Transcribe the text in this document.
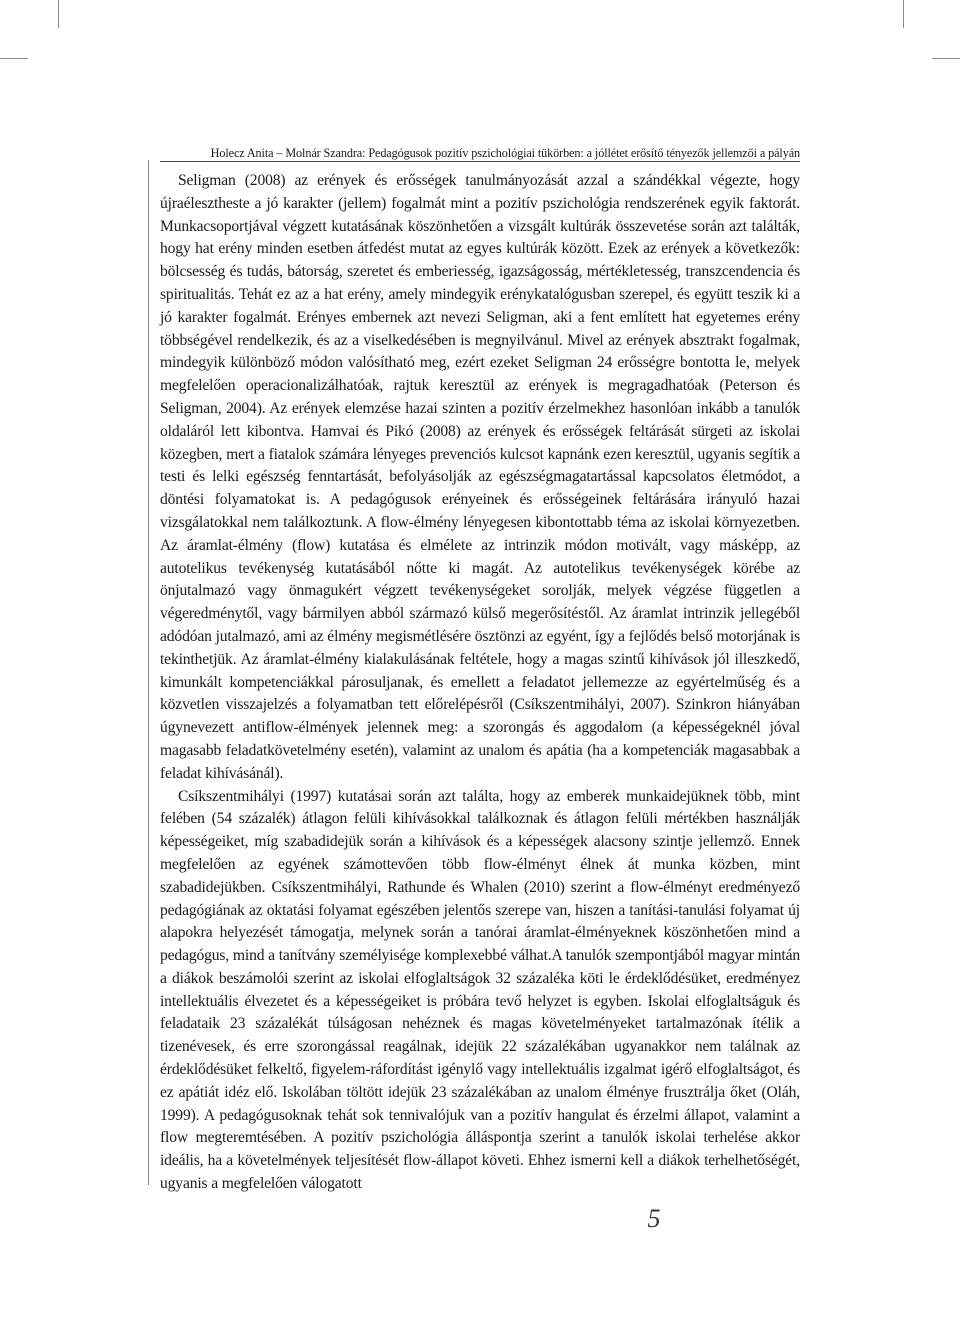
Holecz Anita – Molnár Szandra: Pedagógusok pozitív pszichológiai tükörben: a jóllétet erősítő tényezők jellemzői a pályán

Seligman (2008) az erények és erősségek tanulmányozását azzal a szándékkal végezte, hogy újraélesztheste a jó karakter (jellem) fogalmát mint a pozitív pszichológia rendszerének egyik faktorát. Munkacsoportjával végzett kutatásának köszönhetően a vizsgált kultúrák összevetése során azt találták, hogy hat erény minden esetben átfedést mutat az egyes kultúrák között. Ezek az erények a következők: bölcsesség és tudás, bátorság, szeretet és emberiesség, igazságosság, mértékletesség, transzcendencia és spiritualitás. Tehát ez az a hat erény, amely mindegyik erénykatalógusban szerepel, és együtt teszik ki a jó karakter fogalmát. Erényes embernek azt nevezi Seligman, aki a fent említett hat egyetemes erény többségével rendelkezik, és az a viselkedésében is megnyilvánul. Mivel az erények absztrakt fogalmak, mindegyik különböző módon valósítható meg, ezért ezeket Seligman 24 erősségre bontotta le, melyek megfelelően operacionalizálhatóak, rajtuk keresztül az erények is megragadhatóak (Peterson és Seligman, 2004). Az erények elemzése hazai szinten a pozitív érzelmekhez hasonlóan inkább a tanulók oldaláról lett kibontva. Hamvai és Pikó (2008) az erények és erősségek feltárását sürgeti az iskolai közegben, mert a fiatalok számára lényeges prevenciós kulcsot kapnánk ezen keresztül, ugyanis segítik a testi és lelki egészség fenntartását, befolyásolják az egészségmagatartással kapcsolatos életmódot, a döntési folyamatokat is. A pedagógusok erényeinek és erősségeinek feltárására irányuló hazai vizsgálatokkal nem találkoztunk. A flow-élmény lényegesen kibontottabb téma az iskolai környezetben. Az áramlat-élmény (flow) kutatása és elmélete az intrinzik módon motivált, vagy másképp, az autotelikus tevékenység kutatásából nőtte ki magát. Az autotelikus tevékenységek körébe az önjutalmazó vagy önmagukért végzett tevékenységeket sorolják, melyek végzése független a végeredménytől, vagy bármilyen abból származó külső megerősítéstől. Az áramlat intrinzik jellegéből adódóan jutalmazó, ami az élmény megismétlésére ösztönzi az egyént, így a fejlődés belső motorjának is tekinthetjük. Az áramlat-élmény kialakulásának feltétele, hogy a magas szintű kihívások jól illeszkedő, kimunkált kompetenciákkal párosuljanak, és emellett a feladatot jellemezze az egyértelműség és a közvetlen visszajelzés a folyamatban tett előrelépésről (Csíkszentmihályi, 2007). Szinkron hiányában úgynevezett antiflow-élmények jelennek meg: a szorongás és aggodalom (a képességeknél jóval magasabb feladatkövetelmény esetén), valamint az unalom és apátia (ha a kompetenciák magasabbak a feladat kihívásánál).

Csíkszentmihályi (1997) kutatásai során azt találta, hogy az emberek munkaidejüknek több, mint felében (54 százalék) átlagon felüli kihívásokkal találkoznak és átlagon felüli mértékben használják képességeiket, míg szabadidejük során a kihívások és a képességek alacsony szintje jellemző. Ennek megfelelően az egyének számottevően több flow-élményt élnek át munka közben, mint szabadidejükben. Csíkszentmihályi, Rathunde és Whalen (2010) szerint a flow-élményt eredményező pedagógiának az oktatási folyamat egészében jelentős szerepe van, hiszen a tanítási-tanulási folyamat új alapokra helyezését támogatja, melynek során a tanórai áramlat-élményeknek köszönhetően mind a pedagógus, mind a tanítvány személyisége komplexebbé válhat.A tanulók szempontjából magyar mintán a diákok beszámolói szerint az iskolai elfoglaltságok 32 százaléka köti le érdeklődésüket, eredményez intellektuális élvezetet és a képességeiket is próbára tevő helyzet is egyben. Iskolai elfoglaltságuk és feladataik 23 százalékát túlságosan nehéznek és magas követelményeket tartalmazónak ítélik a tizenévesek, és erre szorongással reagálnak, idejük 22 százalékában ugyanakkor nem találnak az érdeklődésüket felkeltő, figyelem-ráfordítást igénylő vagy intellektuális izgalmat igérő elfoglaltságot, és ez apátiát idéz elő. Iskolában töltött idejük 23 százalékában az unalom élménye frusztrálja őket (Oláh, 1999). A pedagógusoknak tehát sok tennivalójuk van a pozitív hangulat és érzelmi állapot, valamint a flow megteremtésében. A pozitív pszichológia álláspontja szerint a tanulók iskolai terhelése akkor ideális, ha a követelmények teljesítését flow-állapot követi. Ehhez ismerni kell a diákok terhelhetőségét, ugyanis a megfelelően válogatott

5
